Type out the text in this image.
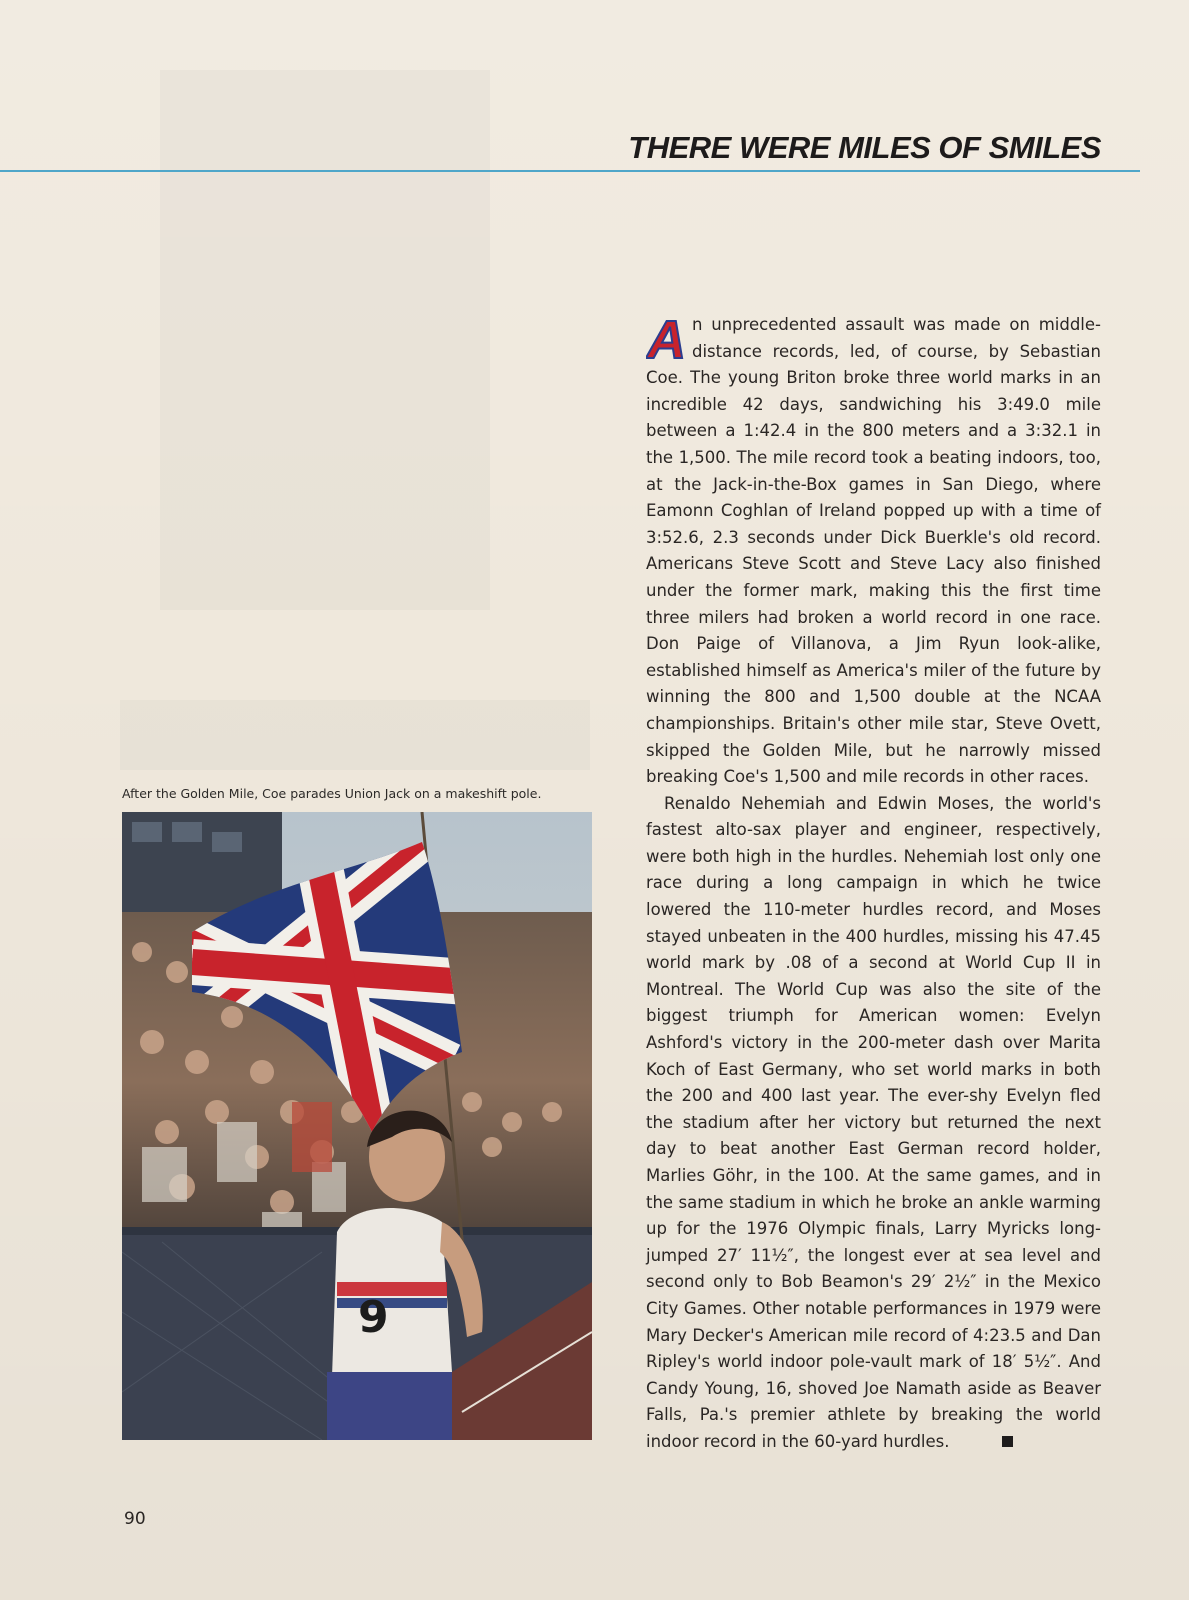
THERE WERE MILES OF SMILES
After the Golden Mile, Coe parades Union Jack on a makeshift pole.
9

A n unprecedented assault was made on middle-distance records, led, of course, by Sebastian Coe. The young Briton broke three world marks in an incredible 42 days, sandwiching his 3:49.0 mile between a 1:42.4 in the 800 meters and a 3:32.1 in the 1,500. The mile record took a beating indoors, too, at the Jack-in-the-Box games in San Diego, where Eamonn Coghlan of Ireland popped up with a time of 3:52.6, 2.3 seconds under Dick Buerkle's old record. Americans Steve Scott and Steve Lacy also finished under the former mark, making this the first time three milers had broken a world record in one race. Don Paige of Villanova, a Jim Ryun look-alike, established himself as America's miler of the future by winning the 800 and 1,500 double at the NCAA championships. Britain's other mile star, Steve Ovett, skipped the Golden Mile, but he narrowly missed breaking Coe's 1,500 and mile records in other races.

Renaldo Nehemiah and Edwin Moses, the world's fastest alto-sax player and engineer, respectively, were both high in the hurdles. Nehemiah lost only one race during a long campaign in which he twice lowered the 110-meter hurdles record, and Moses stayed unbeaten in the 400 hurdles, missing his 47.45 world mark by .08 of a second at World Cup II in Montreal. The World Cup was also the site of the biggest triumph for American women: Evelyn Ashford's victory in the 200-meter dash over Marita Koch of East Germany, who set world marks in both the 200 and 400 last year. The ever-shy Evelyn fled the stadium after her victory but returned the next day to beat another East German record holder, Marlies Göhr, in the 100. At the same games, and in the same stadium in which he broke an ankle warming up for the 1976 Olympic finals, Larry Myricks long-jumped 27′ 11½″, the longest ever at sea level and second only to Bob Beamon's 29′ 2½″ in the Mexico City Games. Other notable performances in 1979 were Mary Decker's American mile record of 4:23.5 and Dan Ripley's world indoor pole-vault mark of 18′ 5½″. And Candy Young, 16, shoved Joe Namath aside as Beaver Falls, Pa.'s premier athlete by breaking the world indoor record in the 60-yard hurdles.

90
